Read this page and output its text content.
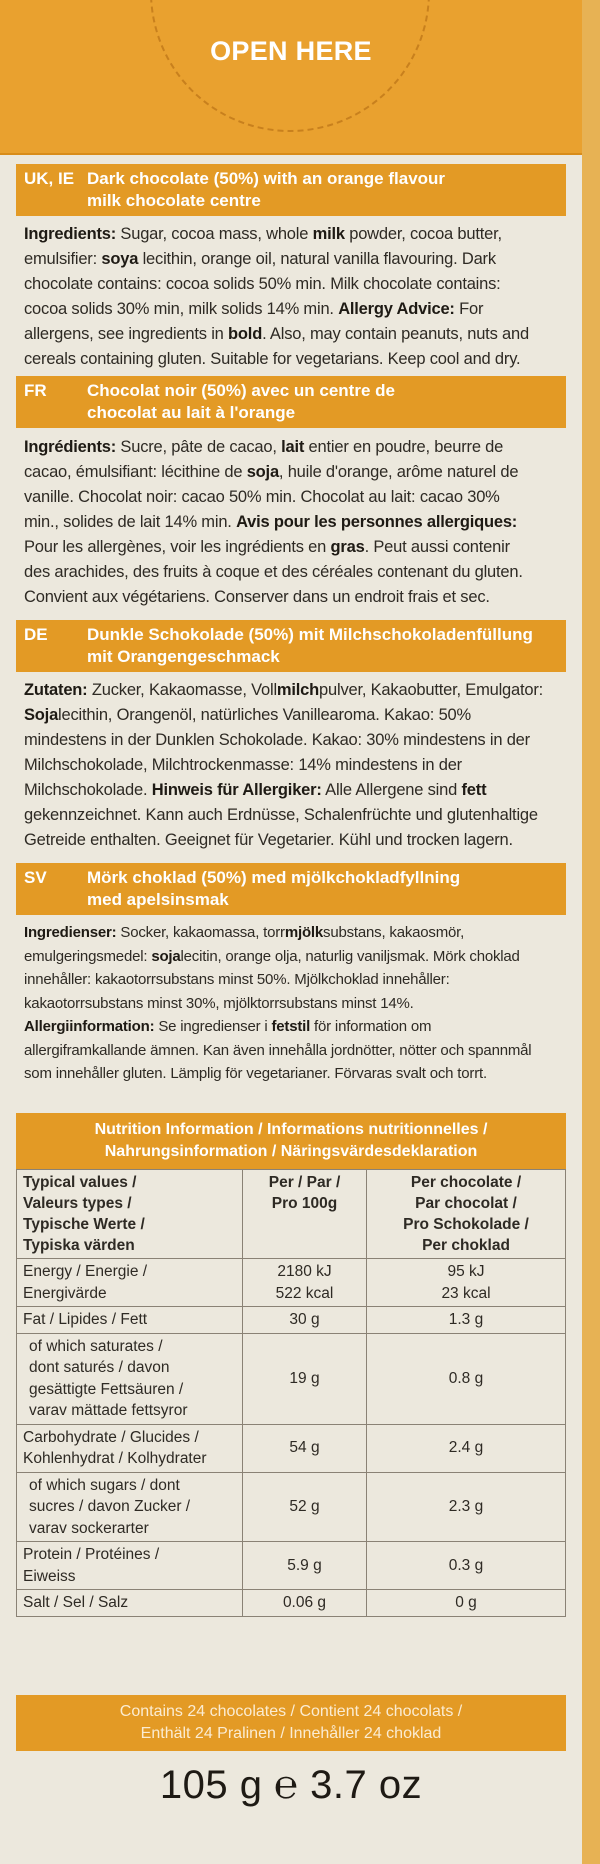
OPEN HERE
UK, IE Dark chocolate (50%) with an orange flavour
milk chocolate centre
Ingredients: Sugar, cocoa mass, whole milk powder, cocoa butter,
emulsifier: soya lecithin, orange oil, natural vanilla flavouring. Dark
chocolate contains: cocoa solids 50% min. Milk chocolate contains:
cocoa solids 30% min, milk solids 14% min. Allergy Advice: For
allergens, see ingredients in bold. Also, may contain peanuts, nuts and
cereals containing gluten. Suitable for vegetarians. Keep cool and dry.
FR Chocolat noir (50%) avec un centre de
chocolat au lait à l'orange
Ingrédients: Sucre, pâte de cacao, lait entier en poudre, beurre de
cacao, émulsifiant: lécithine de soja, huile d'orange, arôme naturel de
vanille. Chocolat noir: cacao 50% min. Chocolat au lait: cacao 30%
min., solides de lait 14% min. Avis pour les personnes allergiques:
Pour les allergènes, voir les ingrédients en gras. Peut aussi contenir
des arachides, des fruits à coque et des céréales contenant du gluten.
Convient aux végétariens. Conserver dans un endroit frais et sec.
DE Dunkle Schokolade (50%) mit Milchschokoladenfüllung
mit Orangengeschmack
Zutaten: Zucker, Kakaomasse, Vollmilchpulver, Kakaobutter, Emulgator:
Sojalecithin, Orangenöl, natürliches Vanillearoma. Kakao: 50%
mindestens in der Dunklen Schokolade. Kakao: 30% mindestens in der
Milchschokolade, Milchtrockenmasse: 14% mindestens in der
Milchschokolade. Hinweis für Allergiker: Alle Allergene sind fett
gekennzeichnet. Kann auch Erdnüsse, Schalenfrüchte und glutenhaltige
Getreide enthalten. Geeignet für Vegetarier. Kühl und trocken lagern.
SV Mörk choklad (50%) med mjölkchokladfyllning
med apelsinsmak
Ingredienser: Socker, kakaomassa, torrmjölksubstans, kakaosmör,
emulgeringsmedel: sojalecitin, orange olja, naturlig vaniljsmak. Mörk choklad
innehåller: kakaotorrsubstans minst 50%. Mjölkchoklad innehåller:
kakaotorrsubstans minst 30%, mjölktorrsubstans minst 14%.
Allergiinformation: Se ingredienser i fetstil för information om
allergiframkallande ämnen. Kan även innehålla jordnötter, nötter och spannmål
som innehåller gluten. Lämplig för vegetarianer. Förvaras svalt och torrt.
Nutrition Information / Informations nutritionnelles /
Nahrungsinformation / Näringsvärdesdeklaration
Typical values /
Valeurs types /
Typische Werte /
Typiska värden	Per / Par /
Pro 100g	Per chocolate /
Par chocolat /
Pro Schokolade /
Per choklad
Energy / Energie /
Energivärde	2180 kJ
522 kcal	95 kJ
23 kcal
Fat / Lipides / Fett	30 g	1.3 g
of which saturates /
dont saturés / davon
gesättigte Fettsäuren /
varav mättade fettsyror	19 g	0.8 g
Carbohydrate / Glucides /
Kohlenhydrat / Kolhydrater	54 g	2.4 g
of which sugars / dont
sucres / davon Zucker /
varav sockerarter	52 g	2.3 g
Protein / Protéines /
Eiweiss	5.9 g	0.3 g
Salt / Sel / Salz	0.06 g	0 g
Contains 24 chocolates / Contient 24 chocolats /
Enthält 24 Pralinen / Innehåller 24 choklad
105 g ℮ 3.7 oz
